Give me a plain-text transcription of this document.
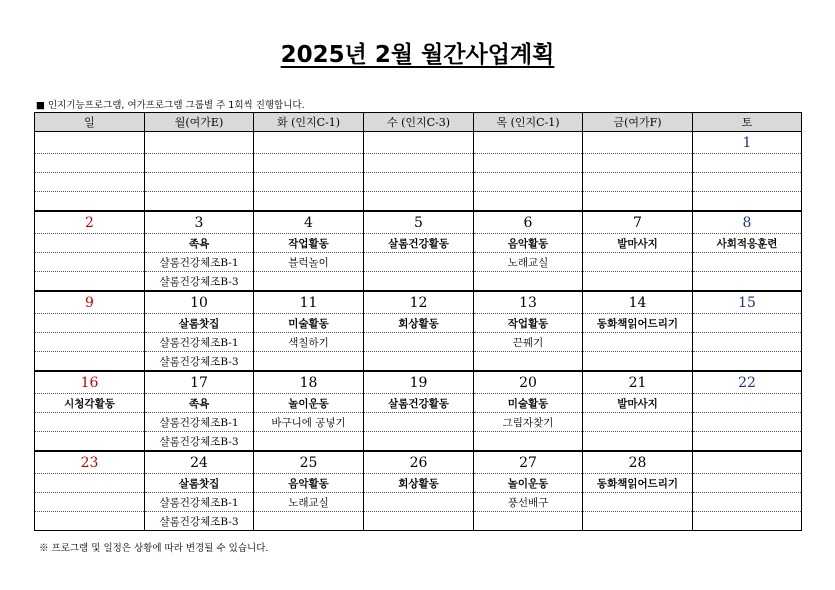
2025년 2월 월간사업계획
■ 인지기능프로그램, 여가프로그램 그룹별 주 1회씩 진행합니다.
일	월(여가E)	화 (인지C-1)	수 (인지C-3)	목 (인지C-1)	금(여가F)	토
						1

2	3	4	5	6	7	8
	족욕	작업활동	살롬건강활동	음악활동	발마사지	사회적응훈련
	샬롬건강체조B-1	블럭놀이		노래교실		
	샬롬건강체조B-3					
9	10	11	12	13	14	15
	살롬찻집	미술활동	회상활동	작업활동	동화책읽어드리기	
	샬롬건강체조B-1	색칠하기		끈꿰기		
	샬롬건강체조B-3					
16	17	18	19	20	21	22
시청각활동	족욕	놀이운동	살롬건강활동	미술활동	발마사지	
	샬롬건강체조B-1	바구니에 공넣기		그림자찾기		
	샬롬건강체조B-3					
23	24	25	26	27	28	
	살롬찻집	음악활동	회상활동	놀이운동	동화책읽어드리기	
	샬롬건강체조B-1	노래교실		풍선배구		
	샬롬건강체조B-3					
※ 프로그램 및 일정은 상황에 따라 변경될 수 있습니다.
